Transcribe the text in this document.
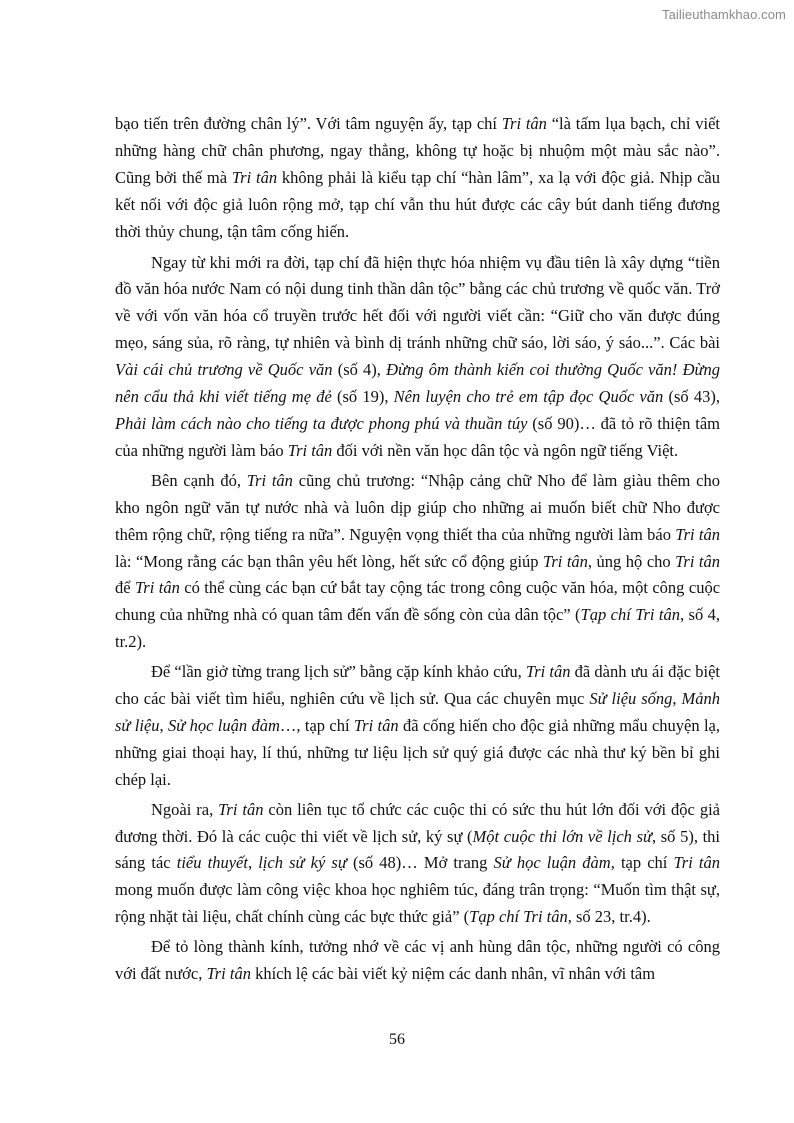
Tailieuthamkhao.com

bạo tiến trên đường chân lý”. Với tâm nguyện ấy, tạp chí Tri tân “là tấm lụa bạch, chỉ viết những hàng chữ chân phương, ngay thẳng, không tự hoặc bị nhuộm một màu sắc nào”. Cũng bởi thế mà Tri tân không phải là kiểu tạp chí “hàn lâm”, xa lạ với độc giả. Nhịp cầu kết nối với độc giả luôn rộng mở, tạp chí vẫn thu hút được các cây bút danh tiếng đương thời thủy chung, tận tâm cống hiến.

Ngay từ khi mới ra đời, tạp chí đã hiện thực hóa nhiệm vụ đầu tiên là xây dựng “tiền đồ văn hóa nước Nam có nội dung tinh thần dân tộc” bằng các chủ trương về quốc văn. Trở về với vốn văn hóa cổ truyền trước hết đối với người viết cần: “Giữ cho văn được đúng mẹo, sáng sủa, rõ ràng, tự nhiên và bình dị tránh những chữ sáo, lời sáo, ý sáo...”. Các bài Vài cái chủ trương về Quốc văn (số 4), Đừng ôm thành kiến coi thường Quốc văn! Đừng nên cẩu thả khi viết tiếng mẹ đẻ (số 19), Nên luyện cho trẻ em tập đọc Quốc văn (số 43), Phải làm cách nào cho tiếng ta được phong phú và thuần túy (số 90)… đã tỏ rõ thiện tâm của những người làm báo Tri tân đối với nền văn học dân tộc và ngôn ngữ tiếng Việt.

Bên cạnh đó, Tri tân cũng chủ trương: “Nhập cảng chữ Nho để làm giàu thêm cho kho ngôn ngữ văn tự nước nhà và luôn dịp giúp cho những ai muốn biết chữ Nho được thêm rộng chữ, rộng tiếng ra nữa”. Nguyện vọng thiết tha của những người làm báo Tri tân là: “Mong rằng các bạn thân yêu hết lòng, hết sức cổ động giúp Tri tân, ủng hộ cho Tri tân để Tri tân có thể cùng các bạn cứ bắt tay cộng tác trong công cuộc văn hóa, một công cuộc chung của những nhà có quan tâm đến vấn đề sống còn của dân tộc” (Tạp chí Tri tân, số 4, tr.2).

Để “lần giở từng trang lịch sử” bằng cặp kính khảo cứu, Tri tân đã dành ưu ái đặc biệt cho các bài viết tìm hiểu, nghiên cứu về lịch sử. Qua các chuyên mục Sử liệu sống, Mảnh sử liệu, Sử học luận đàm…, tạp chí Tri tân đã cống hiến cho độc giả những mẩu chuyện lạ, những giai thoại hay, lí thú, những tư liệu lịch sử quý giá được các nhà thư ký bền bỉ ghi chép lại.

Ngoài ra, Tri tân còn liên tục tổ chức các cuộc thi có sức thu hút lớn đối với độc giả đương thời. Đó là các cuộc thi viết về lịch sử, ký sự (Một cuộc thi lớn về lịch sử, số 5), thi sáng tác tiểu thuyết, lịch sử ký sự (số 48)… Mở trang Sử học luận đàm, tạp chí Tri tân mong muốn được làm công việc khoa học nghiêm túc, đáng trân trọng: “Muốn tìm thật sự, rộng nhặt tài liệu, chất chính cùng các bực thức giả” (Tạp chí Tri tân, số 23, tr.4).

Để tỏ lòng thành kính, tưởng nhớ về các vị anh hùng dân tộc, những người có công với đất nước, Tri tân khích lệ các bài viết kỷ niệm các danh nhân, vĩ nhân với tâm

56
